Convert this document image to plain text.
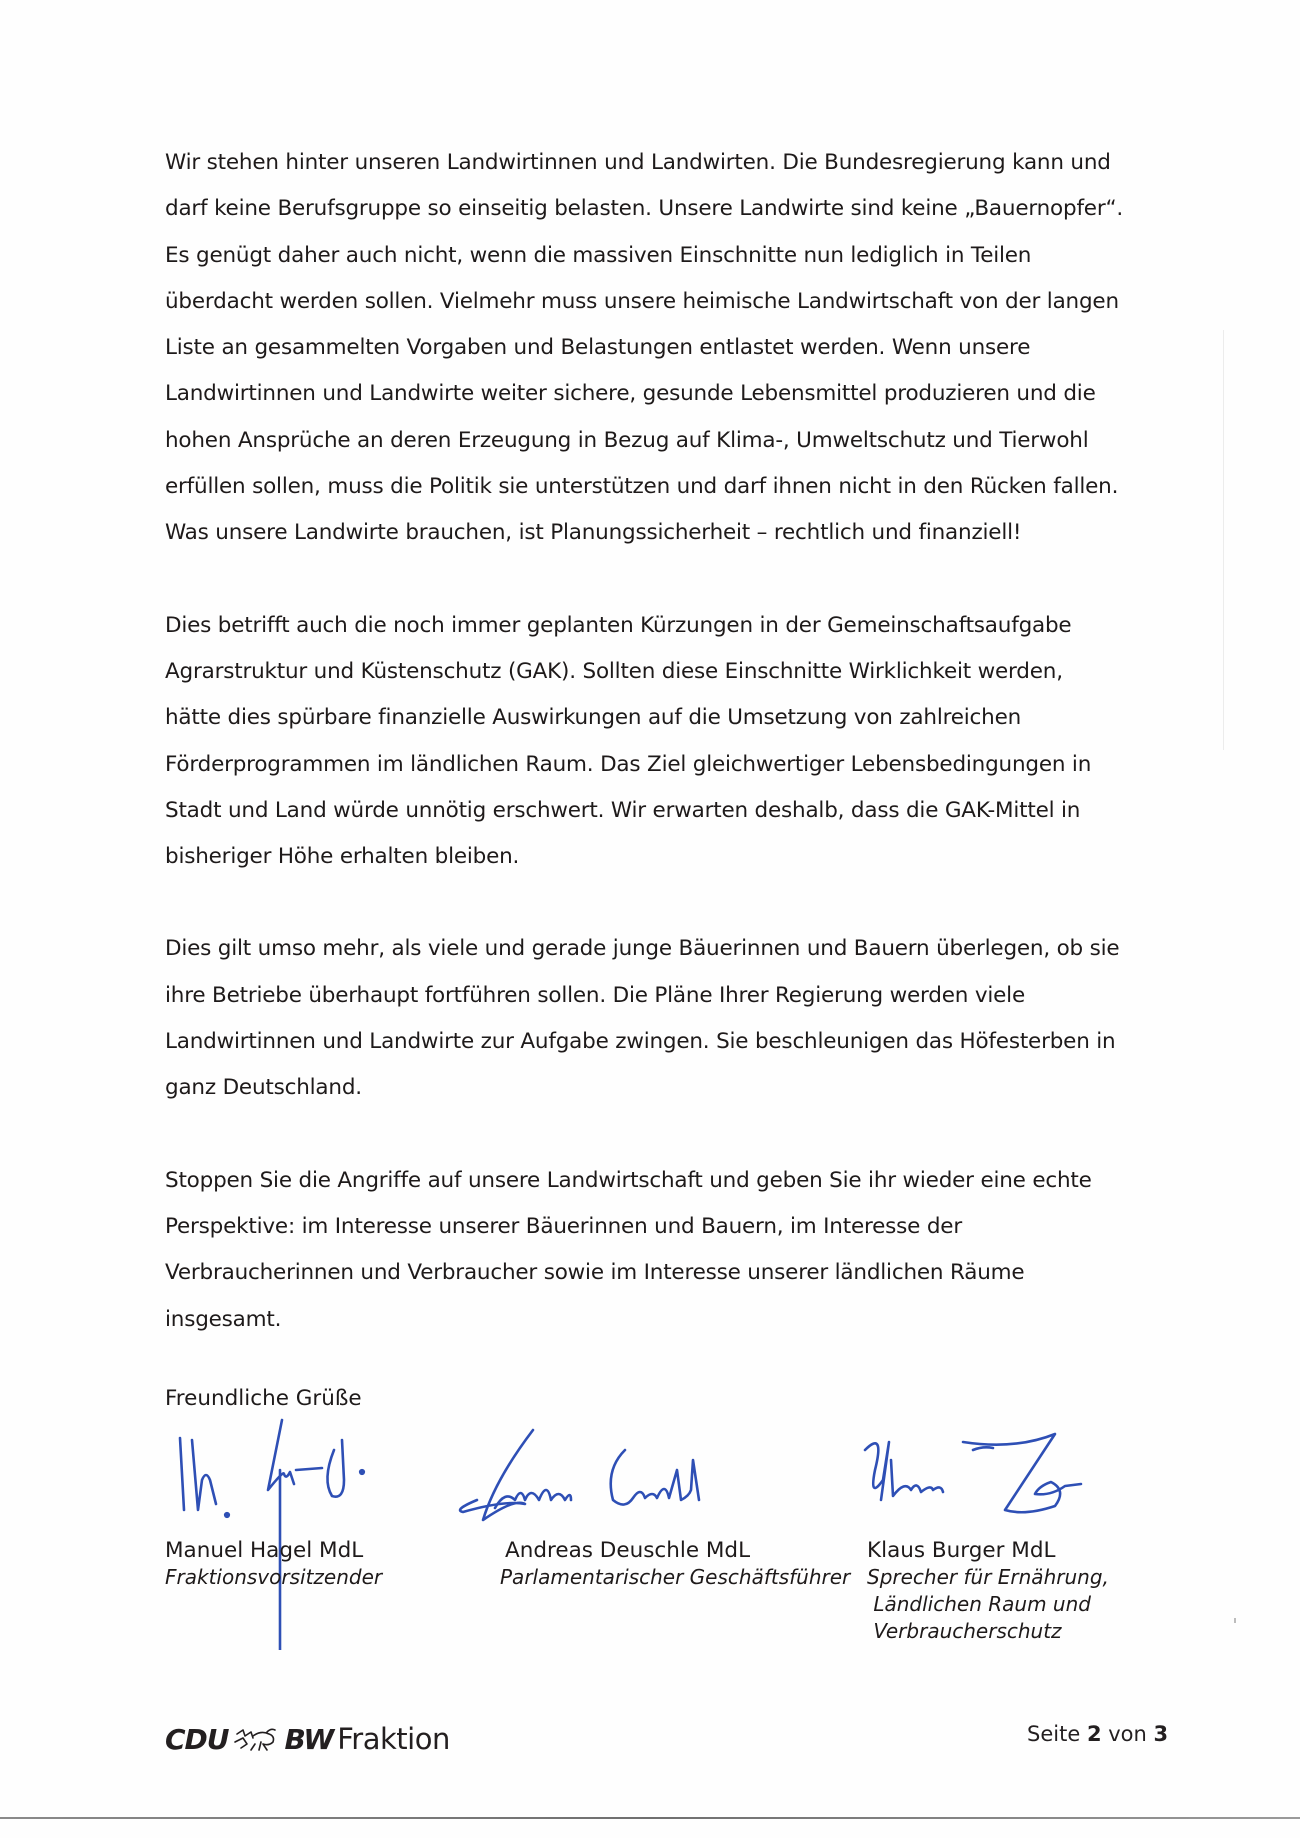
Wir stehen hinter unseren Landwirtinnen und Landwirten. Die Bundesregierung kann und
darf keine Berufsgruppe so einseitig belasten. Unsere Landwirte sind keine „Bauernopfer“.
Es genügt daher auch nicht, wenn die massiven Einschnitte nun lediglich in Teilen
überdacht werden sollen. Vielmehr muss unsere heimische Landwirtschaft von der langen
Liste an gesammelten Vorgaben und Belastungen entlastet werden. Wenn unsere
Landwirtinnen und Landwirte weiter sichere, gesunde Lebensmittel produzieren und die
hohen Ansprüche an deren Erzeugung in Bezug auf Klima-, Umweltschutz und Tierwohl
erfüllen sollen, muss die Politik sie unterstützen und darf ihnen nicht in den Rücken fallen.
Was unsere Landwirte brauchen, ist Planungssicherheit – rechtlich und finanziell!
Dies betrifft auch die noch immer geplanten Kürzungen in der Gemeinschaftsaufgabe
Agrarstruktur und Küstenschutz (GAK). Sollten diese Einschnitte Wirklichkeit werden,
hätte dies spürbare finanzielle Auswirkungen auf die Umsetzung von zahlreichen
Förderprogrammen im ländlichen Raum. Das Ziel gleichwertiger Lebensbedingungen in
Stadt und Land würde unnötig erschwert. Wir erwarten deshalb, dass die GAK-Mittel in
bisheriger Höhe erhalten bleiben.
Dies gilt umso mehr, als viele und gerade junge Bäuerinnen und Bauern überlegen, ob sie
ihre Betriebe überhaupt fortführen sollen. Die Pläne Ihrer Regierung werden viele
Landwirtinnen und Landwirte zur Aufgabe zwingen. Sie beschleunigen das Höfesterben in
ganz Deutschland.
Stoppen Sie die Angriffe auf unsere Landwirtschaft und geben Sie ihr wieder eine echte
Perspektive: im Interesse unserer Bäuerinnen und Bauern, im Interesse der
Verbraucherinnen und Verbraucher sowie im Interesse unserer ländlichen Räume
insgesamt.
Freundliche Grüße
Manuel Hagel MdL
Fraktionsvorsitzender
Andreas Deuschle MdL
Parlamentarischer Geschäftsführer
Klaus Burger MdL
Sprecher für Ernährung,
Ländlichen Raum und
Verbraucherschutz
CDU BW Fraktion	Seite 2 von 3
